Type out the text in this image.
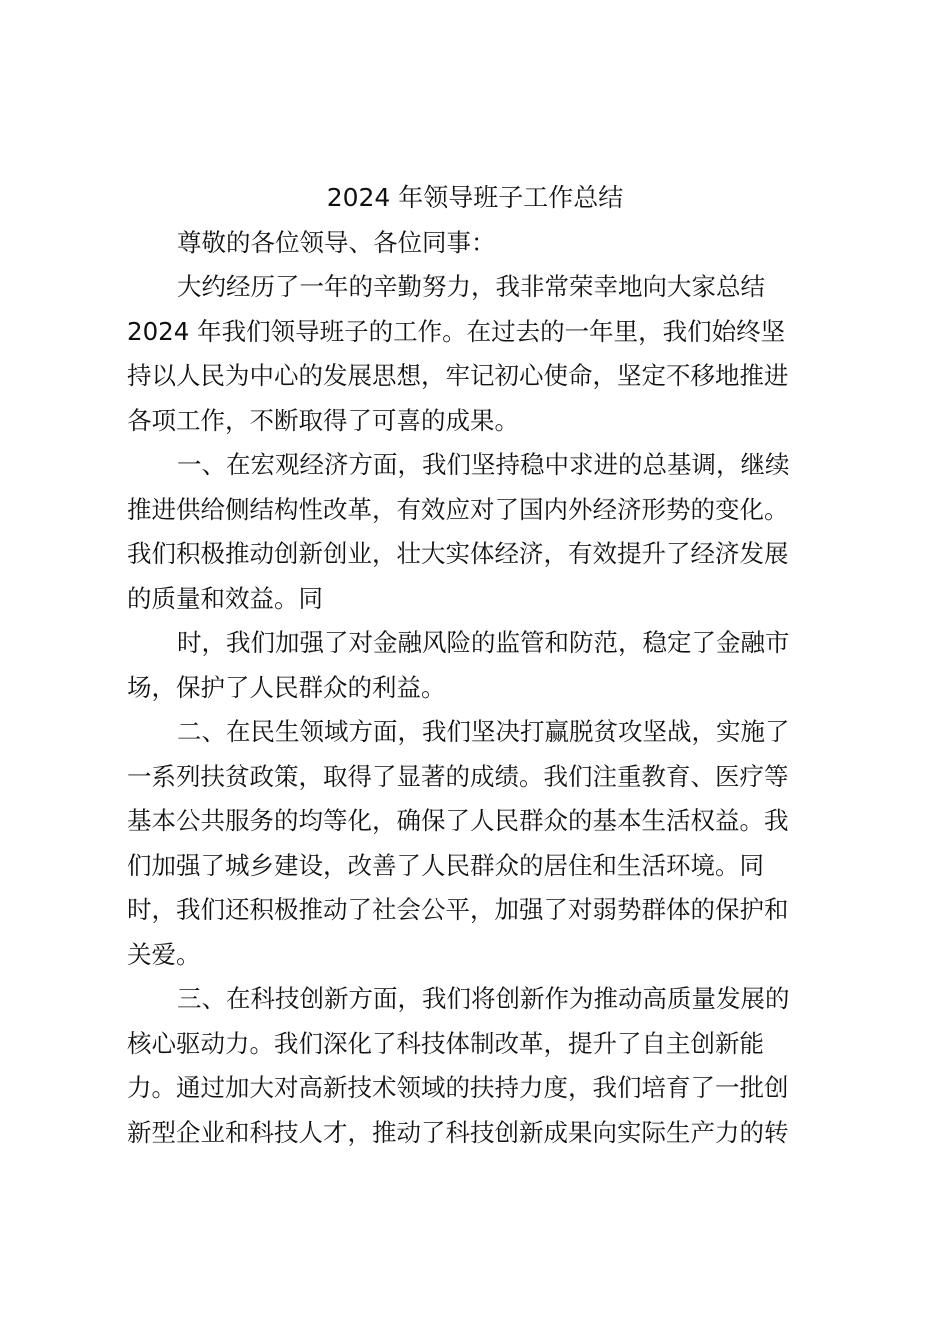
2024 年领导班子工作总结

尊敬的各位领导、各位同事：

大约经历了一年的辛勤努力，我非常荣幸地向大家总结
2024 年我们领导班子的工作。在过去的一年里，我们始终坚
持以人民为中心的发展思想，牢记初心使命，坚定不移地推进
各项工作，不断取得了可喜的成果。

一、在宏观经济方面，我们坚持稳中求进的总基调，继续
推进供给侧结构性改革，有效应对了国内外经济形势的变化。
我们积极推动创新创业，壮大实体经济，有效提升了经济发展
的质量和效益。同

时，我们加强了对金融风险的监管和防范，稳定了金融市
场，保护了人民群众的利益。

二、在民生领域方面，我们坚决打赢脱贫攻坚战，实施了
一系列扶贫政策，取得了显著的成绩。我们注重教育、医疗等
基本公共服务的均等化，确保了人民群众的基本生活权益。我
们加强了城乡建设，改善了人民群众的居住和生活环境。同
时，我们还积极推动了社会公平，加强了对弱势群体的保护和
关爱。

三、在科技创新方面，我们将创新作为推动高质量发展的
核心驱动力。我们深化了科技体制改革，提升了自主创新能
力。通过加大对高新技术领域的扶持力度，我们培育了一批创
新型企业和科技人才，推动了科技创新成果向实际生产力的转
